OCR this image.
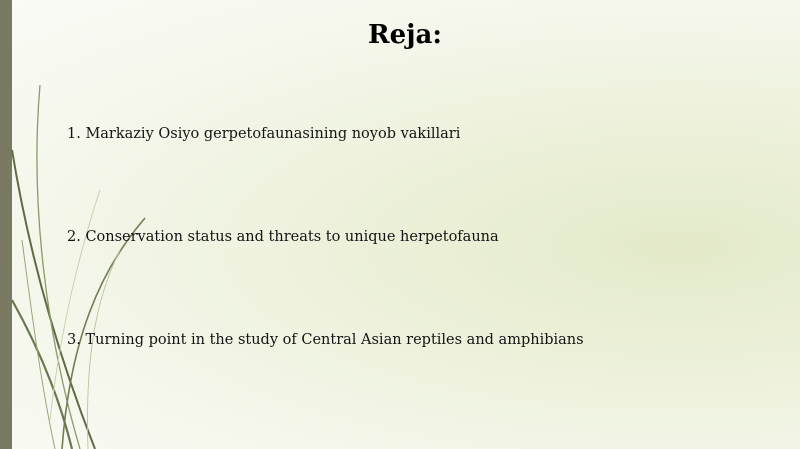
Reja:
1. Markaziy Osiyo gerpetofaunasining noyob vakillari
2. Conservation status and threats to unique herpetofauna
3. Turning point in the study of Central Asian reptiles and amphibians
